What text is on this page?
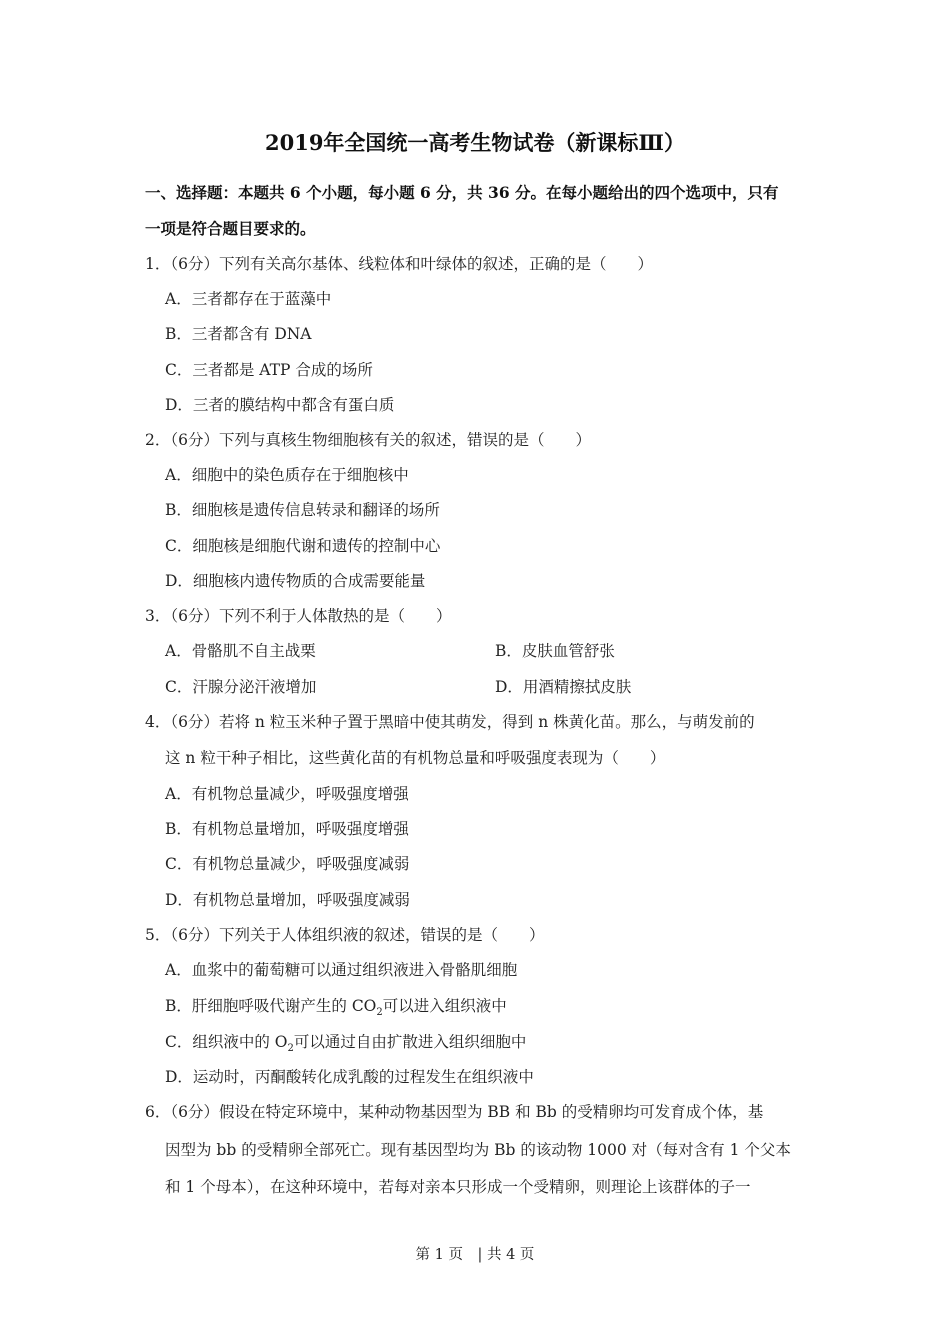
2019年全国统一高考生物试卷（新课标Ⅲ）
一、选择题：本题共 6 个小题，每小题 6 分，共 36 分。在每小题给出的四个选项中，只有
一项是符合题目要求的。
1．（6分）下列有关高尔基体、线粒体和叶绿体的叙述，正确的是（　　）
A．三者都存在于蓝藻中
B．三者都含有 DNA
C．三者都是 ATP 合成的场所
D．三者的膜结构中都含有蛋白质
2．（6分）下列与真核生物细胞核有关的叙述，错误的是（　　）
A．细胞中的染色质存在于细胞核中
B．细胞核是遗传信息转录和翻译的场所
C．细胞核是细胞代谢和遗传的控制中心
D．细胞核内遗传物质的合成需要能量
3．（6分）下列不利于人体散热的是（　　）
A．骨骼肌不自主战栗	B．皮肤血管舒张
C．汗腺分泌汗液增加	D．用酒精擦拭皮肤
4．（6分）若将 n 粒玉米种子置于黑暗中使其萌发，得到 n 株黄化苗。那么，与萌发前的
这 n 粒干种子相比，这些黄化苗的有机物总量和呼吸强度表现为（　　）
A．有机物总量减少，呼吸强度增强
B．有机物总量增加，呼吸强度增强
C．有机物总量减少，呼吸强度减弱
D．有机物总量增加，呼吸强度减弱
5．（6分）下列关于人体组织液的叙述，错误的是（　　）
A．血浆中的葡萄糖可以通过组织液进入骨骼肌细胞
B．肝细胞呼吸代谢产生的 $CO_2$可以进入组织液中
C．组织液中的 $O_2$可以通过自由扩散进入组织细胞中
D．运动时，丙酮酸转化成乳酸的过程发生在组织液中
6．（6分）假设在特定环境中，某种动物基因型为 BB 和 Bb 的受精卵均可发育成个体，基
因型为 bb 的受精卵全部死亡。现有基因型均为 Bb 的该动物 1000 对（每对含有 1 个父本
和 1 个母本），在这种环境中，若每对亲本只形成一个受精卵，则理论上该群体的子一
第 1 页　| 共 4 页
